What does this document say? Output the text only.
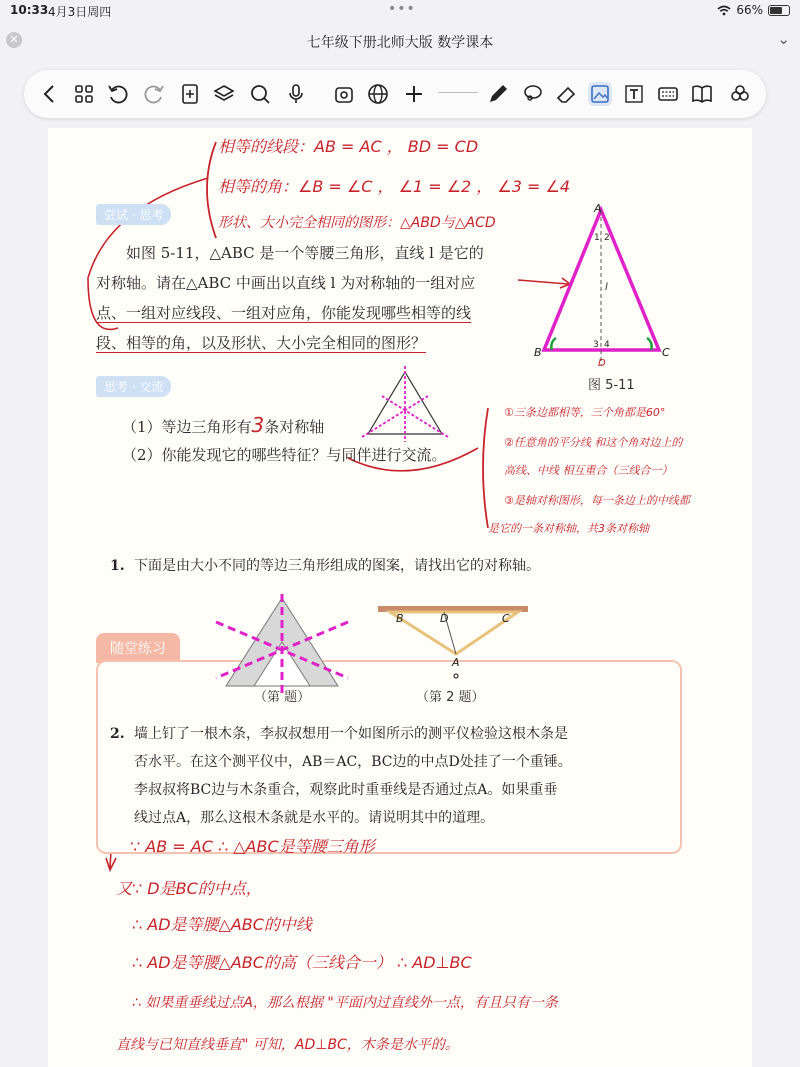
10:33 4月3日周四	•••	66%
✕	七年级下册北师大版 数学课本	⌄
相等的线段：AB = AC ， BD = CD
相等的角：∠B = ∠C ， ∠1 = ∠2 ， ∠3 = ∠4
形状、大小完全相同的图形：△ABD与△ACD
尝试 · 思考
如图 5-11，△ABC 是一个等腰三角形，直线 l 是它的
对称轴。请在△ABC 中画出以直线 l 为对称轴的一组对应
点、一组对应线段、一组对应角，你能发现哪些相等的线
段、相等的角，以及形状、大小完全相同的图形？
A
B	C
D
l
1 2
3 4
图 5-11
思考 · 交流
（1）等边三角形有3条对称轴
（2）你能发现它的哪些特征？与同伴进行交流。
①三条边都相等，三个角都是60°
②任意角的平分线 和这个角对边上的
高线、中线 相互重合（三线合一）
③是轴对称图形，每一条边上的中线都
是它的一条对称轴，共3条对称轴
随堂练习
1. 下面是由大小不同的等边三角形组成的图案，请找出它的对称轴。
（第 题）
B	D	C
A
（第 2 题）
2. 墙上钉了一根木条，李叔叔想用一个如图所示的测平仪检验这根木条是
否水平。在这个测平仪中，AB＝AC，BC边的中点D处挂了一个重锤。
李叔叔将BC边与木条重合，观察此时重垂线是否通过点A。如果重垂
线过点A，那么这根木条就是水平的。请说明其中的道理。
∵ AB = AC ∴ △ABC是等腰三角形
又∵ D是BC的中点，
∴ AD是等腰△ABC的中线
∴ AD是等腰△ABC的高（三线合一） ∴ AD⊥BC
∴ 如果重垂线过点A，那么根据 "平面内过直线外一点，有且只有一条
直线与已知直线垂直" 可知，AD⊥BC，木条是水平的。
